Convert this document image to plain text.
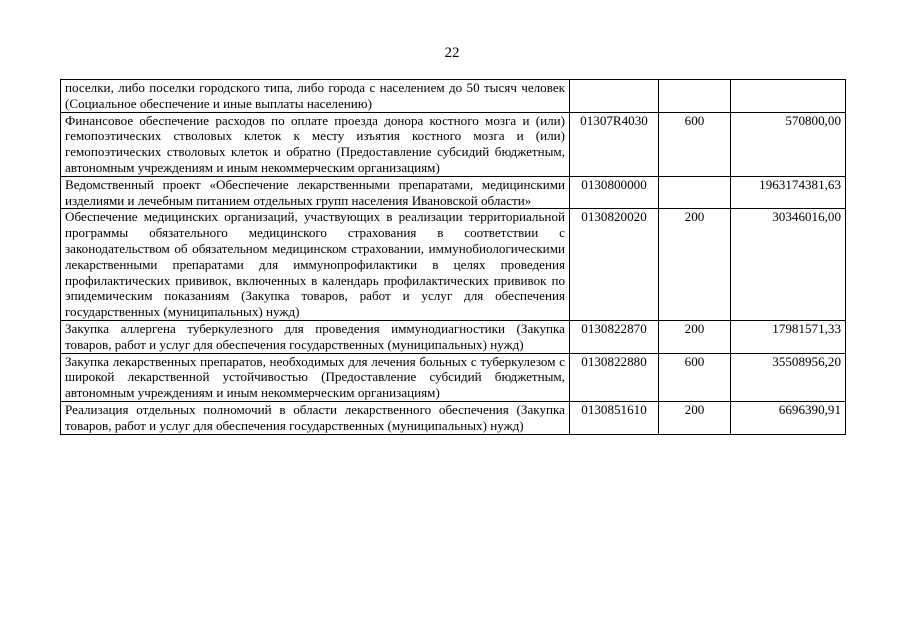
22
поселки, либо поселки городского типа, либо города с населением до 50 тысяч человек (Социальное обеспечение и иные выплаты населению)			
Финансовое обеспечение расходов по оплате проезда донора костного мозга и (или) гемопоэтических стволовых клеток к месту изъятия костного мозга и (или) гемопоэтических стволовых клеток и обратно (Предоставление субсидий бюджетным, автономным учреждениям и иным некоммерческим организациям)	01307R4030	600	570800,00
Ведомственный проект «Обеспечение лекарственными препаратами, медицинскими изделиями и лечебным питанием отдельных групп населения Ивановской области»	0130800000		1963174381,63
Обеспечение медицинских организаций, участвующих в реализации территориальной программы обязательного медицинского страхования в соответствии с законодательством об обязательном медицинском страховании, иммунобиологическими лекарственными препаратами для иммунопрофилактики в целях проведения профилактических прививок, включенных в календарь профилактических прививок по эпидемическим показаниям (Закупка товаров, работ и услуг для обеспечения государственных (муниципальных) нужд)	0130820020	200	30346016,00
Закупка аллергена туберкулезного для проведения иммунодиагностики (Закупка товаров, работ и услуг для обеспечения государственных (муниципальных) нужд)	0130822870	200	17981571,33
Закупка лекарственных препаратов, необходимых для лечения больных с туберкулезом с широкой лекарственной устойчивостью (Предоставление субсидий бюджетным, автономным учреждениям и иным некоммерческим организациям)	0130822880	600	35508956,20
Реализация отдельных полномочий в области лекарственного обеспечения (Закупка товаров, работ и услуг для обеспечения государственных (муниципальных) нужд)	0130851610	200	6696390,91
